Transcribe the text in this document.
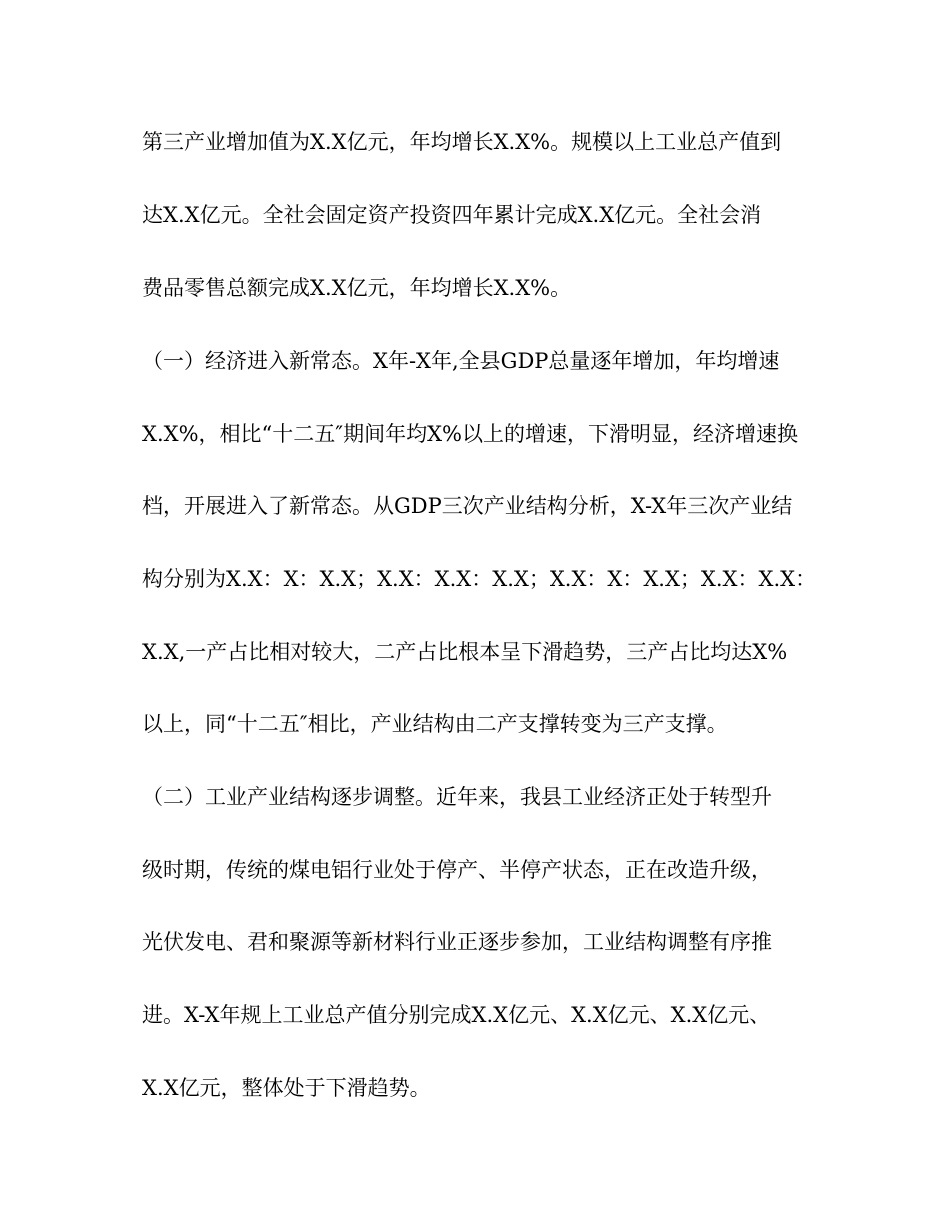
第三产业增加值为X.X亿元，年均增长X.X%。规模以上工业总产值到
达X.X亿元。全社会固定资产投资四年累计完成X.X亿元。全社会消
费品零售总额完成X.X亿元，年均增长X.X%。
（一）经济进入新常态。X年-X年,全县GDP总量逐年增加，年均增速
X.X%，相比“十二五″期间年均X%以上的增速，下滑明显，经济增速换
档，开展进入了新常态。从GDP三次产业结构分析，X-X年三次产业结
构分别为X.X：X：X.X；X.X：X.X：X.X；X.X：X：X.X；X.X：X.X：
X.X,一产占比相对较大，二产占比根本呈下滑趋势，三产占比均达X%
以上，同“十二五″相比，产业结构由二产支撑转变为三产支撑。
（二）工业产业结构逐步调整。近年来，我县工业经济正处于转型升
级时期，传统的煤电铝行业处于停产、半停产状态，正在改造升级，
光伏发电、君和聚源等新材料行业正逐步参加，工业结构调整有序推
进。X-X年规上工业总产值分别完成X.X亿元、X.X亿元、X.X亿元、
X.X亿元，整体处于下滑趋势。
